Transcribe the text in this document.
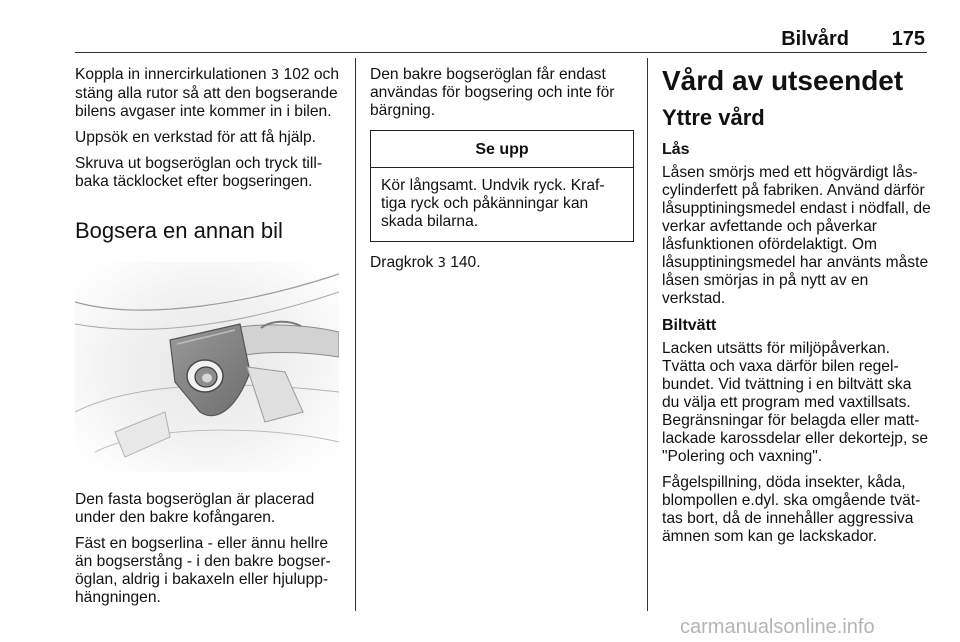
Bilvård 175

Koppla in innercirkulationen 3 102 och stäng alla rutor så att den bogserande bilens avgaser inte kommer in i bilen.

Uppsök en verkstad för att få hjälp.

Skruva ut bogseröglan och tryck tillbaka täcklocket efter bogseringen.

Bogsera en annan bil

Den fasta bogseröglan är placerad under den bakre kofångaren.

Fäst en bogserlina - eller ännu hellre än bogserstång - i den bakre bogseröglan, aldrig i bakaxeln eller hjulupphängningen.

Den bakre bogseröglan får endast användas för bogsering och inte för bärgning.

Se upp
Kör långsamt. Undvik ryck. Kraftiga ryck och påkänningar kan skada bilarna.

Dragkrok 3 140.

Vård av utseendet
Yttre vård
Lås

Låsen smörjs med ett högvärdigt låscylinderfett på fabriken. Använd därför låsupptiningsmedel endast i nödfall, de verkar avfettande och påverkar låsfunktionen ofördelaktigt. Om låsupptiningsmedel har använts måste låsen smörjas in på nytt av en verkstad.

Biltvätt

Lacken utsätts för miljöpåverkan. Tvätta och vaxa därför bilen regelbundet. Vid tvättning i en biltvätt ska du välja ett program med vaxtillsats. Begränsningar för belagda eller mattlackade karossdelar eller dekortejp, se "Polering och vaxning".

Fågelspillning, döda insekter, kåda, blompollen e.dyl. ska omgående tvättas bort, då de innehåller aggressiva ämnen som kan ge lackskador.

carmanualsonline.info
